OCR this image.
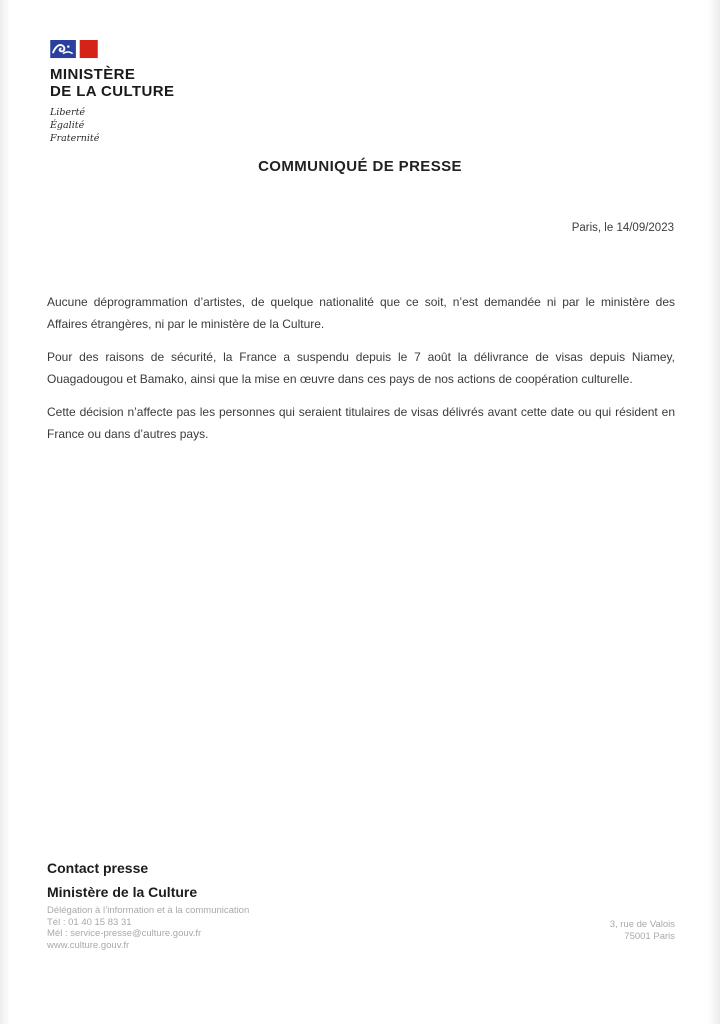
MINISTÈRE
DE LA CULTURE
Liberté
Égalité
Fraternité
COMMUNIQUÉ DE PRESSE
Paris, le 14/09/2023

Aucune déprogrammation d’artistes, de quelque nationalité que ce soit, n’est demandée ni par le ministère des Affaires étrangères, ni par le ministère de la Culture.

Pour des raisons de sécurité, la France a suspendu depuis le 7 août la délivrance de visas depuis Niamey, Ouagadougou et Bamako, ainsi que la mise en œuvre dans ces pays de nos actions de coopération culturelle.

Cette décision n’affecte pas les personnes qui seraient titulaires de visas délivrés avant cette date ou qui résident en France ou dans d’autres pays.

Contact presse
Ministère de la Culture
Délégation à l’information et à la communication
Tél : 01 40 15 83 31
Mél : service-presse@culture.gouv.fr
www.culture.gouv.fr
3, rue de Valois
75001 Paris
